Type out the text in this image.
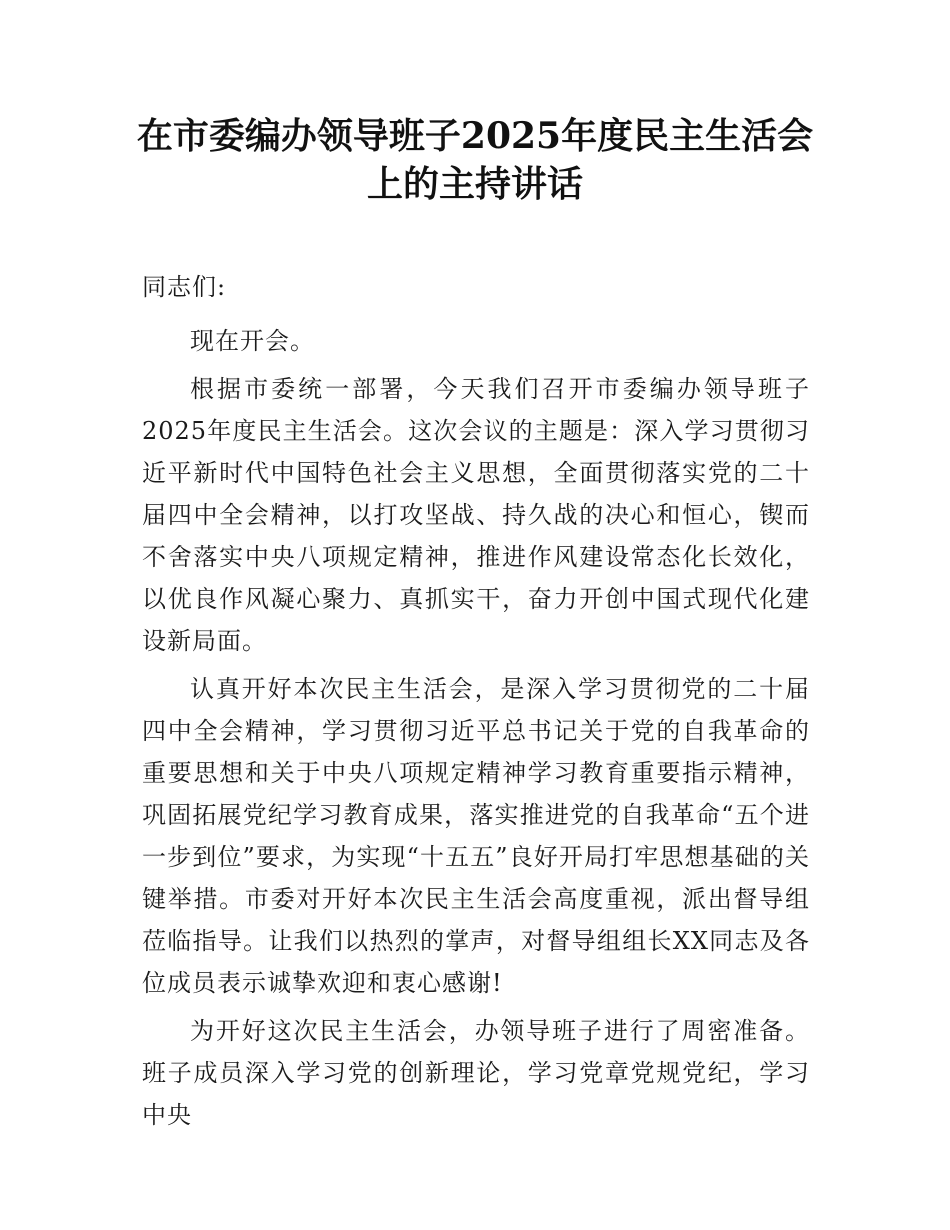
在市委编办领导班子2025年度民主生活会上的主持讲话

同志们:

现在开会。

根据市委统一部署，今天我们召开市委编办领导班子2025年度民主生活会。这次会议的主题是：深入学习贯彻习近平新时代中国特色社会主义思想，全面贯彻落实党的二十届四中全会精神，以打攻坚战、持久战的决心和恒心，锲而不舍落实中央八项规定精神，推进作风建设常态化长效化，以优良作风凝心聚力、真抓实干，奋力开创中国式现代化建设新局面。

认真开好本次民主生活会，是深入学习贯彻党的二十届四中全会精神，学习贯彻习近平总书记关于党的自我革命的重要思想和关于中央八项规定精神学习教育重要指示精神，巩固拓展党纪学习教育成果，落实推进党的自我革命“五个进一步到位”要求，为实现“十五五”良好开局打牢思想基础的关键举措。市委对开好本次民主生活会高度重视，派出督导组莅临指导。让我们以热烈的掌声，对督导组组长XX同志及各位成员表示诚挚欢迎和衷心感谢!

为开好这次民主生活会，办领导班子进行了周密准备。班子成员深入学习党的创新理论，学习党章党规党纪，学习中央
